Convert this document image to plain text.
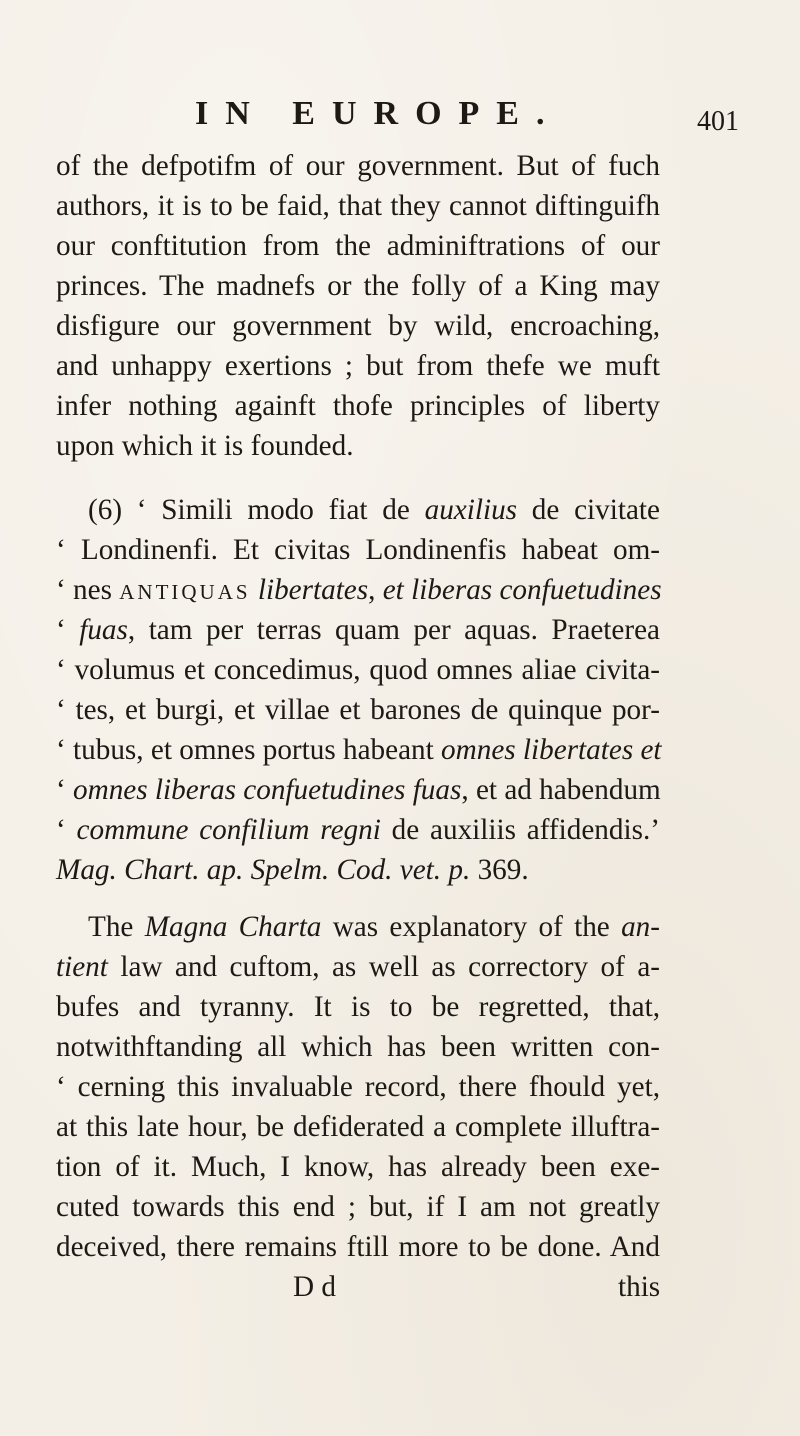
IN EUROPE.	401
of the defpotifm of our government. But of fuch
authors, it is to be faid, that they cannot diftinguifh
our conftitution from the adminiftrations of our
princes. The madnefs or the folly of a King may
disfigure our government by wild, encroaching,
and unhappy exertions ; but from thefe we muft
infer nothing againft thofe principles of liberty
upon which it is founded.
(6) ‘ Simili modo fiat de auxilius de civitate
‘ Londinenfi. Et civitas Londinenfis habeat om-
‘ nes ANTIQUAS libertates, et liberas confuetudines
‘ fuas, tam per terras quam per aquas. Praeterea
‘ volumus et concedimus, quod omnes aliae civita-
‘ tes, et burgi, et villae et barones de quinque por-
‘ tubus, et omnes portus habeant omnes libertates et
‘ omnes liberas confuetudines fuas, et ad habendum
‘ commune confilium regni de auxiliis affidendis.’
Mag. Chart. ap. Spelm. Cod. vet. p. 369.
The Magna Charta was explanatory of the an-
tient law and cuftom, as well as correctory of a-
bufes and tyranny. It is to be regretted, that,
notwithftanding all which has been written con-
‘ cerning this invaluable record, there fhould yet,
at this late hour, be defiderated a complete illuftra-
tion of it. Much, I know, has already been exe-
cuted towards this end ; but, if I am not greatly
deceived, there remains ftill more to be done. And
D d	this
